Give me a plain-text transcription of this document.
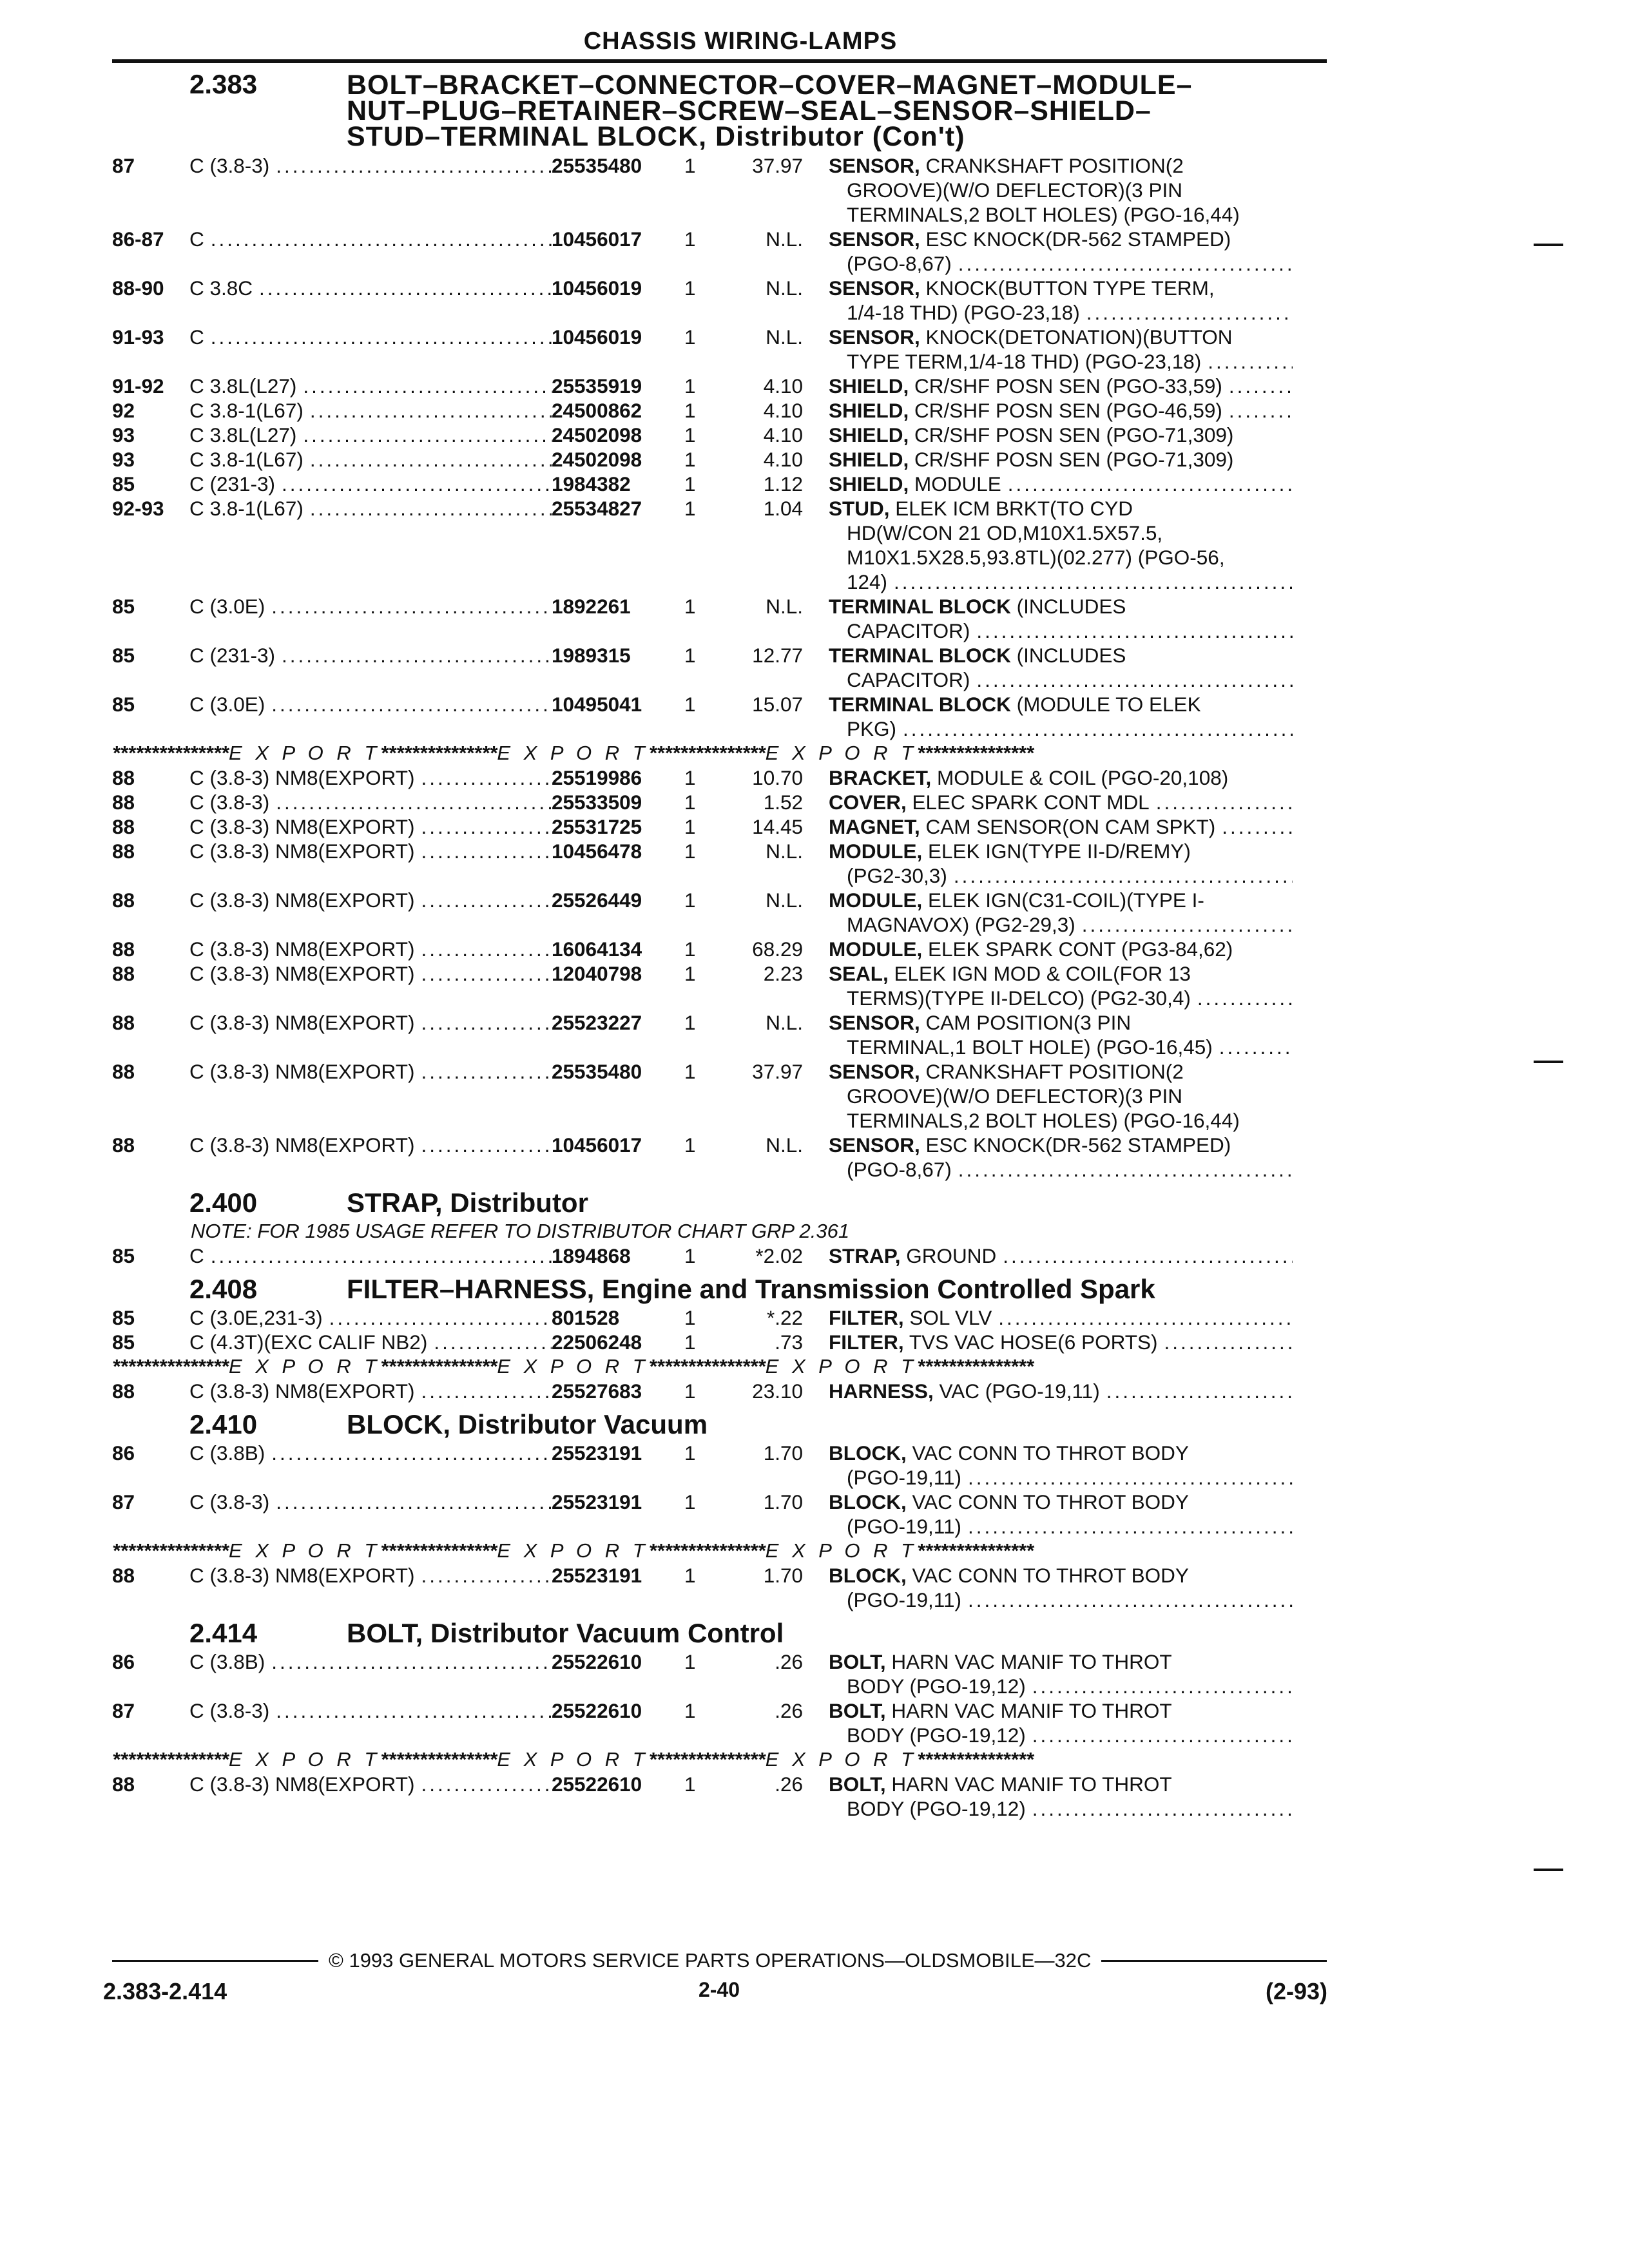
CHASSIS WIRING-LAMPS
2.383	BOLT–BRACKET–CONNECTOR–COVER–MAGNET–MODULE–
NUT–PLUG–RETAINER–SCREW–SEAL–SENSOR–SHIELD–
STUD–TERMINAL BLOCK, Distributor (Con't)
87	C (3.8-3) .....	25535480	1	37.97	SENSOR, CRANKSHAFT POSITION(2
GROOVE)(W/O DEFLECTOR)(3 PIN
TERMINALS,2 BOLT HOLES) (PGO-16,44)
86-87	C .....	10456017	1	N.L.	SENSOR, ESC KNOCK(DR-562 STAMPED)
(PGO-8,67)
.....
88-90	C 3.8C .....	10456019	1	N.L.	SENSOR, KNOCK(BUTTON TYPE TERM,
1/4-18 THD) (PGO-23,18)
.....
91-93	C .....	10456019	1	N.L.	SENSOR, KNOCK(DETONATION)(BUTTON
TYPE TERM,1/4-18 THD) (PGO-23,18)
.....
91-92	C 3.8L(L27) .....	25535919	1	4.10	SHIELD, CR/SHF POSN SEN (PGO-33,59)
.....
92	C 3.8-1(L67) .....	24500862	1	4.10	SHIELD, CR/SHF POSN SEN (PGO-46,59)
.....
93	C 3.8L(L27) .....	24502098	1	4.10	SHIELD, CR/SHF POSN SEN (PGO-71,309)
93	C 3.8-1(L67) .....	24502098	1	4.10	SHIELD, CR/SHF POSN SEN (PGO-71,309)
85	C (231-3) .....	1984382	1	1.12	SHIELD, MODULE
.....
92-93	C 3.8-1(L67) .....	25534827	1	1.04	STUD, ELEK ICM BRKT(TO CYD
HD(W/CON 21 OD,M10X1.5X57.5,
M10X1.5X28.5,93.8TL)(02.277) (PGO-56,
124)
.....
85	C (3.0E) .....	1892261	1	N.L.	TERMINAL BLOCK (INCLUDES
CAPACITOR)
.....
85	C (231-3) .....	1989315	1	12.77	TERMINAL BLOCK (INCLUDES
CAPACITOR)
.....
85	C (3.0E) .....	10495041	1	15.07	TERMINAL BLOCK (MODULE TO ELEK
PKG)
.....
*************** E X P O R T *************** E X P O R T *************** E X P O R T ***************
88	C (3.8-3) NM8(EXPORT) .....	25519986	1	10.70	BRACKET, MODULE & COIL (PGO-20,108)
88	C (3.8-3) .....	25533509	1	1.52	COVER, ELEC SPARK CONT MDL
.....
88	C (3.8-3) NM8(EXPORT) .....	25531725	1	14.45	MAGNET, CAM SENSOR(ON CAM SPKT)
.....
88	C (3.8-3) NM8(EXPORT) .....	10456478	1	N.L.	MODULE, ELEK IGN(TYPE II-D/REMY)
(PG2-30,3)
.....
88	C (3.8-3) NM8(EXPORT) .....	25526449	1	N.L.	MODULE, ELEK IGN(C31-COIL)(TYPE I-
MAGNAVOX) (PG2-29,3)
.....
88	C (3.8-3) NM8(EXPORT) .....	16064134	1	68.29	MODULE, ELEK SPARK CONT (PG3-84,62)
88	C (3.8-3) NM8(EXPORT) .....	12040798	1	2.23	SEAL, ELEK IGN MOD & COIL(FOR 13
TERMS)(TYPE II-DELCO) (PG2-30,4)
.....
88	C (3.8-3) NM8(EXPORT) .....	25523227	1	N.L.	SENSOR, CAM POSITION(3 PIN
TERMINAL,1 BOLT HOLE) (PGO-16,45)
.....
88	C (3.8-3) NM8(EXPORT) .....	25535480	1	37.97	SENSOR, CRANKSHAFT POSITION(2
GROOVE)(W/O DEFLECTOR)(3 PIN
TERMINALS,2 BOLT HOLES) (PGO-16,44)
88	C (3.8-3) NM8(EXPORT) .....	10456017	1	N.L.	SENSOR, ESC KNOCK(DR-562 STAMPED)
(PGO-8,67)
.....
2.400	STRAP, Distributor
NOTE: FOR 1985 USAGE REFER TO DISTRIBUTOR CHART GRP 2.361
85	C .....	1894868	1	*2.02	STRAP, GROUND
.....
2.408	FILTER–HARNESS, Engine and Transmission Controlled Spark
85	C (3.0E,231-3) .....	801528	1	*.22	FILTER, SOL VLV
.....
85	C (4.3T)(EXC CALIF NB2) .....	22506248	1	.73	FILTER, TVS VAC HOSE(6 PORTS)
.....
*************** E X P O R T *************** E X P O R T *************** E X P O R T ***************
88	C (3.8-3) NM8(EXPORT) .....	25527683	1	23.10	HARNESS, VAC (PGO-19,11)
.....
2.410	BLOCK, Distributor Vacuum
86	C (3.8B) .....	25523191	1	1.70	BLOCK, VAC CONN TO THROT BODY
(PGO-19,11)
.....
87	C (3.8-3) .....	25523191	1	1.70	BLOCK, VAC CONN TO THROT BODY
(PGO-19,11)
.....
*************** E X P O R T *************** E X P O R T *************** E X P O R T ***************
88	C (3.8-3) NM8(EXPORT) .....	25523191	1	1.70	BLOCK, VAC CONN TO THROT BODY
(PGO-19,11)
.....
2.414	BOLT, Distributor Vacuum Control
86	C (3.8B) .....	25522610	1	.26	BOLT, HARN VAC MANIF TO THROT
BODY (PGO-19,12)
.....
87	C (3.8-3) .....	25522610	1	.26	BOLT, HARN VAC MANIF TO THROT
BODY (PGO-19,12)
.....
*************** E X P O R T *************** E X P O R T *************** E X P O R T ***************
88	C (3.8-3) NM8(EXPORT) .....	25522610	1	.26	BOLT, HARN VAC MANIF TO THROT
BODY (PGO-19,12)
.....
© 1993 GENERAL MOTORS SERVICE PARTS OPERATIONS—OLDSMOBILE—32C
2.383-2.414	2-40	(2-93)
